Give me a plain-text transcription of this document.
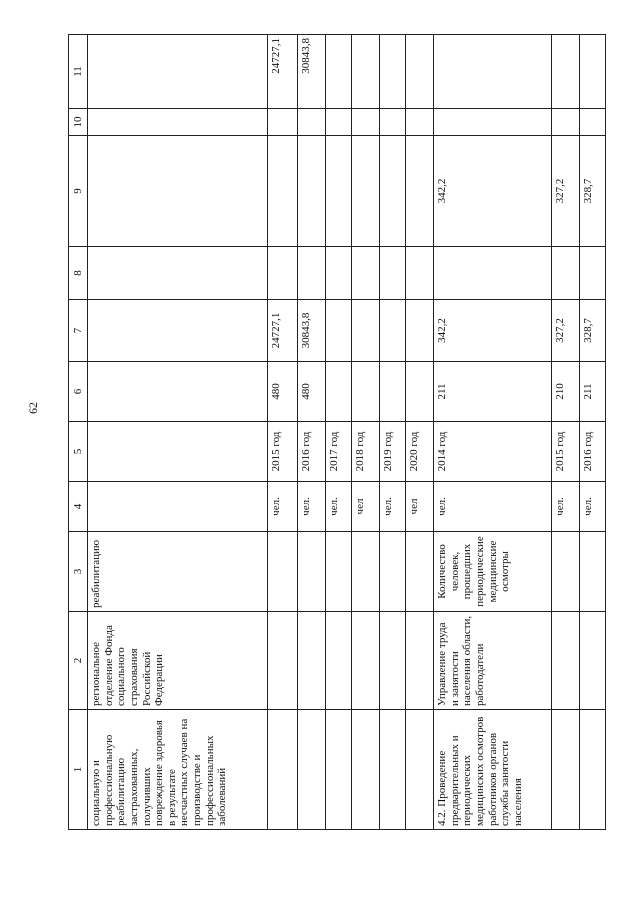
62
1	2	3	4	5	6	7	8	9	10	11
социальную и профессиональную реабилитацию застрахованных, получивших повреждение здоровья в результате несчастных случаев на производстве и профессиональных заболеваний	региональное отделение Фонда социального страхования Российской Федерации	реабилитацию								
			чел.	2015 год	480	24727,1				24727,1
			чел.	2016 год	480	30843,8				30843,8
			чел.	2017 год						
			чел	2018 год						
			чел.	2019 год						
			чел	2020 год						
4.2. Проведение предварительных и периодических медицинских осмотров работников органов службы занятости населения	Управление труда и занятости населения области, работодатели	Количество человек, прошедших периодические медицинские осмотры	чел.	2014 год	211	342,2		342,2		
			чел.	2015 год	210	327,2		327,2		
			чел.	2016 год	211	328,7		328,7		
